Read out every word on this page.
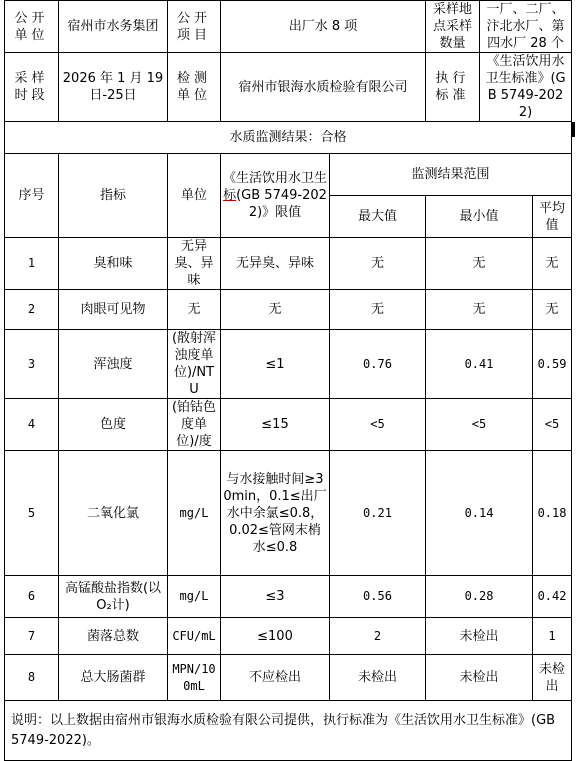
公开单位	宿州市水务集团	公开项目	出厂水 8 项		采样地点采样数量	一厂、二厂、汴北水厂、第四水厂 28 个	
采样时段	2026 年 1 月 19日-25日	检测单位	宿州市银海水质检验有限公司		执行标准	《生活饮用水卫生标准》(GB 5749-2022)	
水质监测结果：合格							
序号	指标	单位	《生活饮用水卫生标(GB 5749-2022)》限值	监测结果范围			
				最大值	最小值		平均值
1	臭和味	无异臭、异味	无异臭、异味	无	无		无
2	肉眼可见物	无	无	无	无		无
3	浑浊度	(散射浑浊度单位)/NTU	≤1	0.76	0.41		0.59
4	色度	(铂钴色度单位)/度	≤15	<5	<5		<5
5	二氧化氯	mg/L	与水接触时间≥30min，0.1≤出厂水中余氯≤0.8，0.02≤管网末梢水≤0.8	0.21	0.14		0.18
6	高锰酸盐指数(以 O₂计)	mg/L	≤3	0.56	0.28		0.42
7	菌落总数	CFU/mL	≤100	2	未检出		1
8	总大肠菌群	MPN/100mL	不应检出	未检出	未检出		未检出
说明：以上数据由宿州市银海水质检验有限公司提供，执行标准为《生活饮用水卫生标准》(GB 5749-2022)。							
